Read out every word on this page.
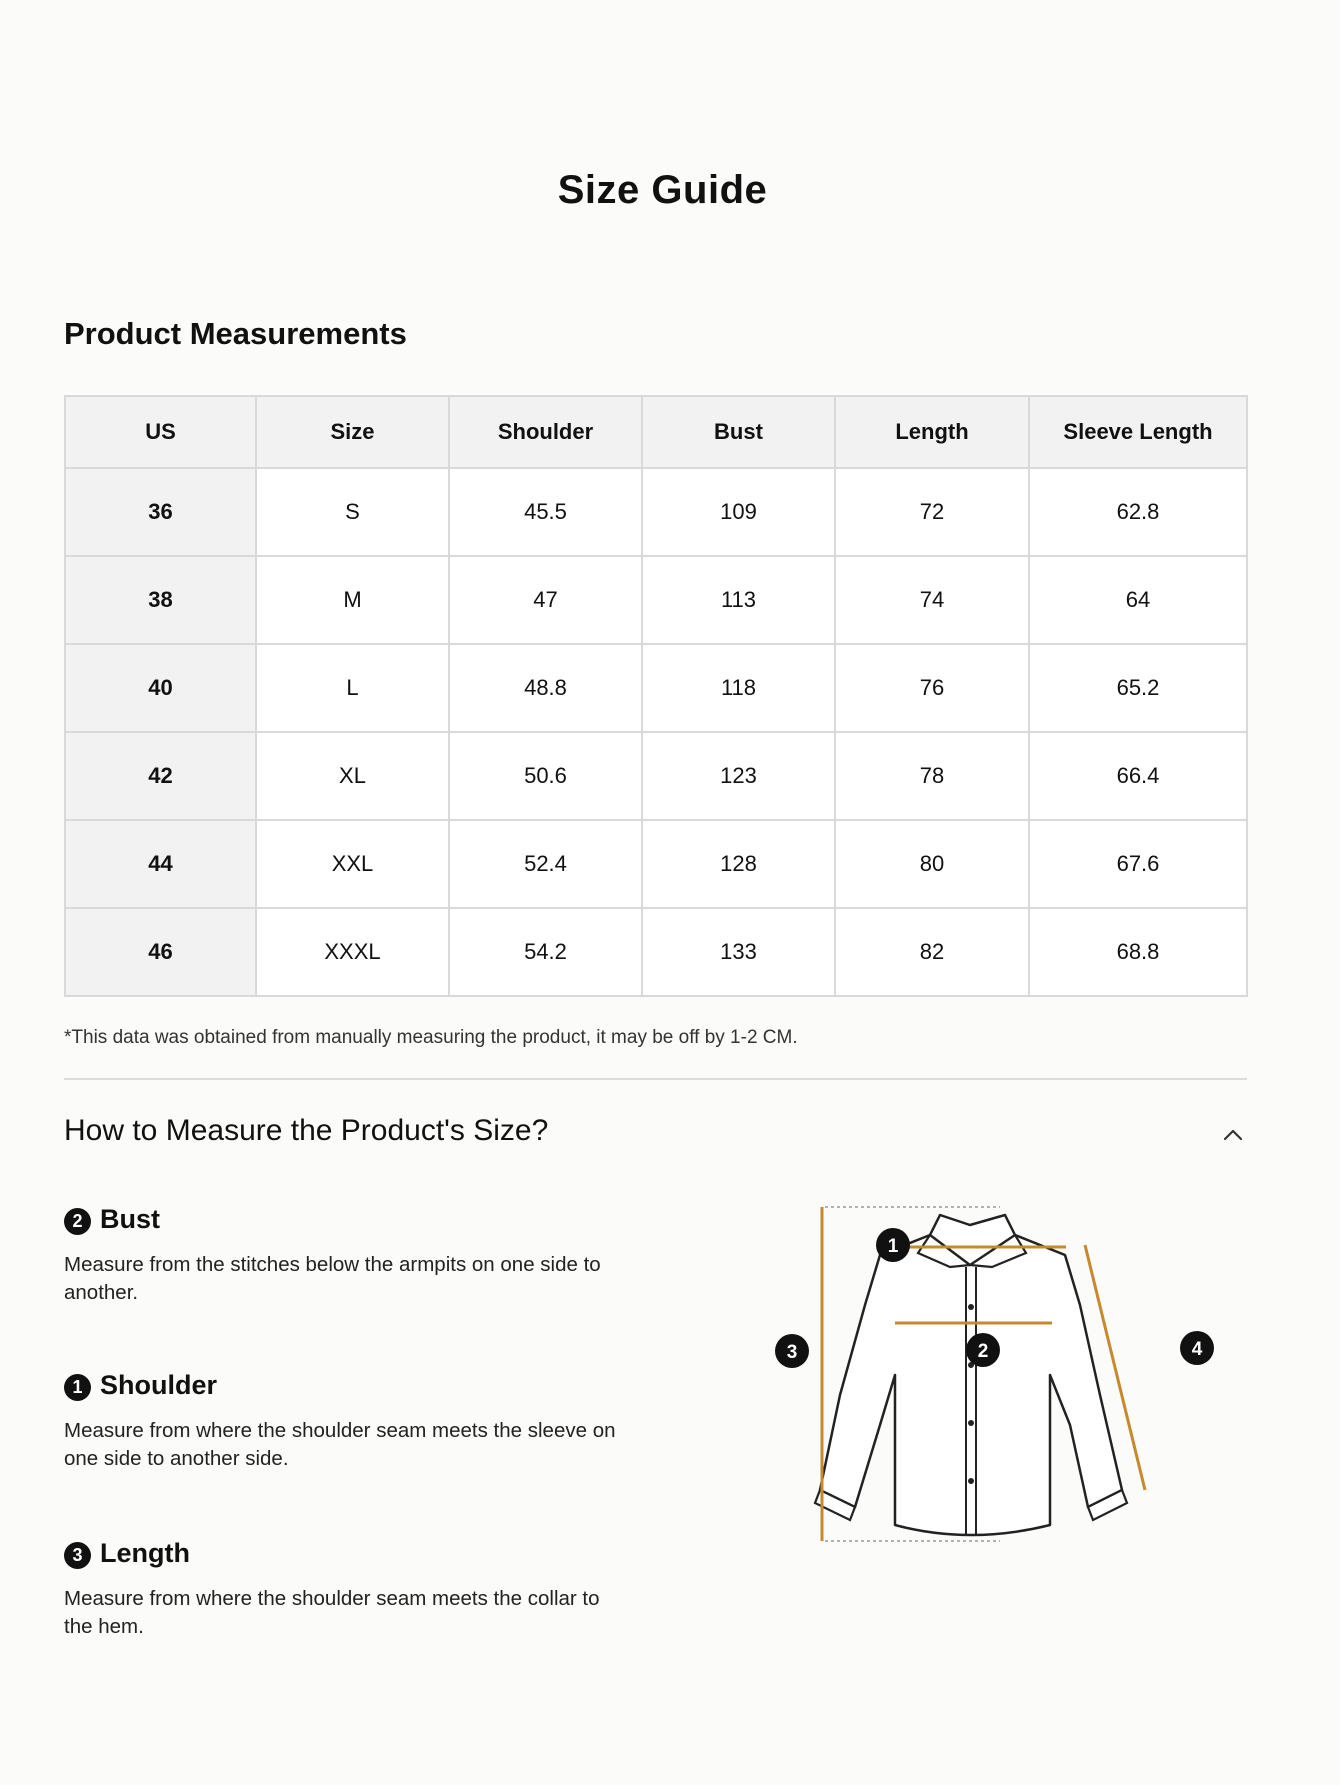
Size Guide
Product Measurements
US	Size	Shoulder	Bust	Length	Sleeve Length
36	S	45.5	109	72	62.8
38	M	47	113	74	64
40	L	48.8	118	76	65.2
42	XL	50.6	123	78	66.4
44	XXL	52.4	128	80	67.6
46	XXXL	54.2	133	82	68.8
*This data was obtained from manually measuring the product, it may be off by 1-2 CM.
How to Measure the Product's Size?
2 Bust
Measure from the stitches below the armpits on one side to another.
1 Shoulder
Measure from where the shoulder seam meets the sleeve on one side to another side.
3 Length
Measure from where the shoulder seam meets the collar to the hem.
1
2
3	4
